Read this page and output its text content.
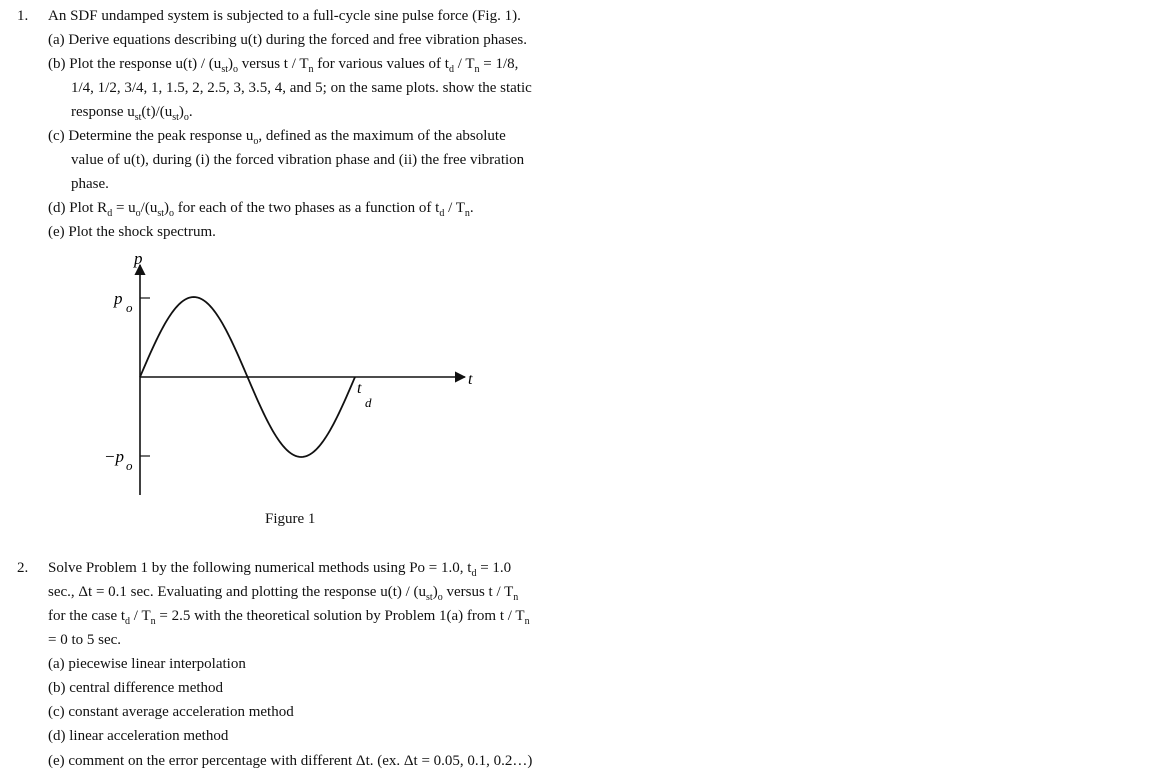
1. An SDF undamped system is subjected to a full-cycle sine pulse force (Fig. 1).
(a) Derive equations describing u(t) during the forced and free vibration phases.
(b) Plot the response $u(t) / (u_{st})_o$ versus t / $T_n$ for various values of $t_d / T_n = 1/8$,
1/4, 1/2, 3/4, 1, 1.5, 2, 2.5, 3, 3.5, 4, and 5; on the same plots. show the static
response $u_{st}(t)/(u_{st})_o$.
(c) Determine the peak response $u_o$, defined as the maximum of the absolute
value of u(t), during (i) the forced vibration phase and (ii) the free vibration
phase.
(d) Plot $R_d = u_o/(u_{st})_o$ for each of the two phases as a function of $t_d / T_n$.
(e) Plot the shock spectrum.
p
p o
−p o
t
t
d
Figure 1
2. Solve Problem 1 by the following numerical methods using Po = 1.0, $t_d = 1.0$
sec., Δt = 0.1 sec. Evaluating and plotting the response $u(t) / (u_{st})_o$ versus t / $T_n$
for the case $t_d / T_n = 2.5$ with the theoretical solution by Problem 1(a) from t / $T_n$
= 0 to 5 sec.
(a) piecewise linear interpolation
(b) central difference method
(c) constant average acceleration method
(d) linear acceleration method
(e) comment on the error percentage with different Δt. (ex. Δt = 0.05, 0.1, 0.2…)
